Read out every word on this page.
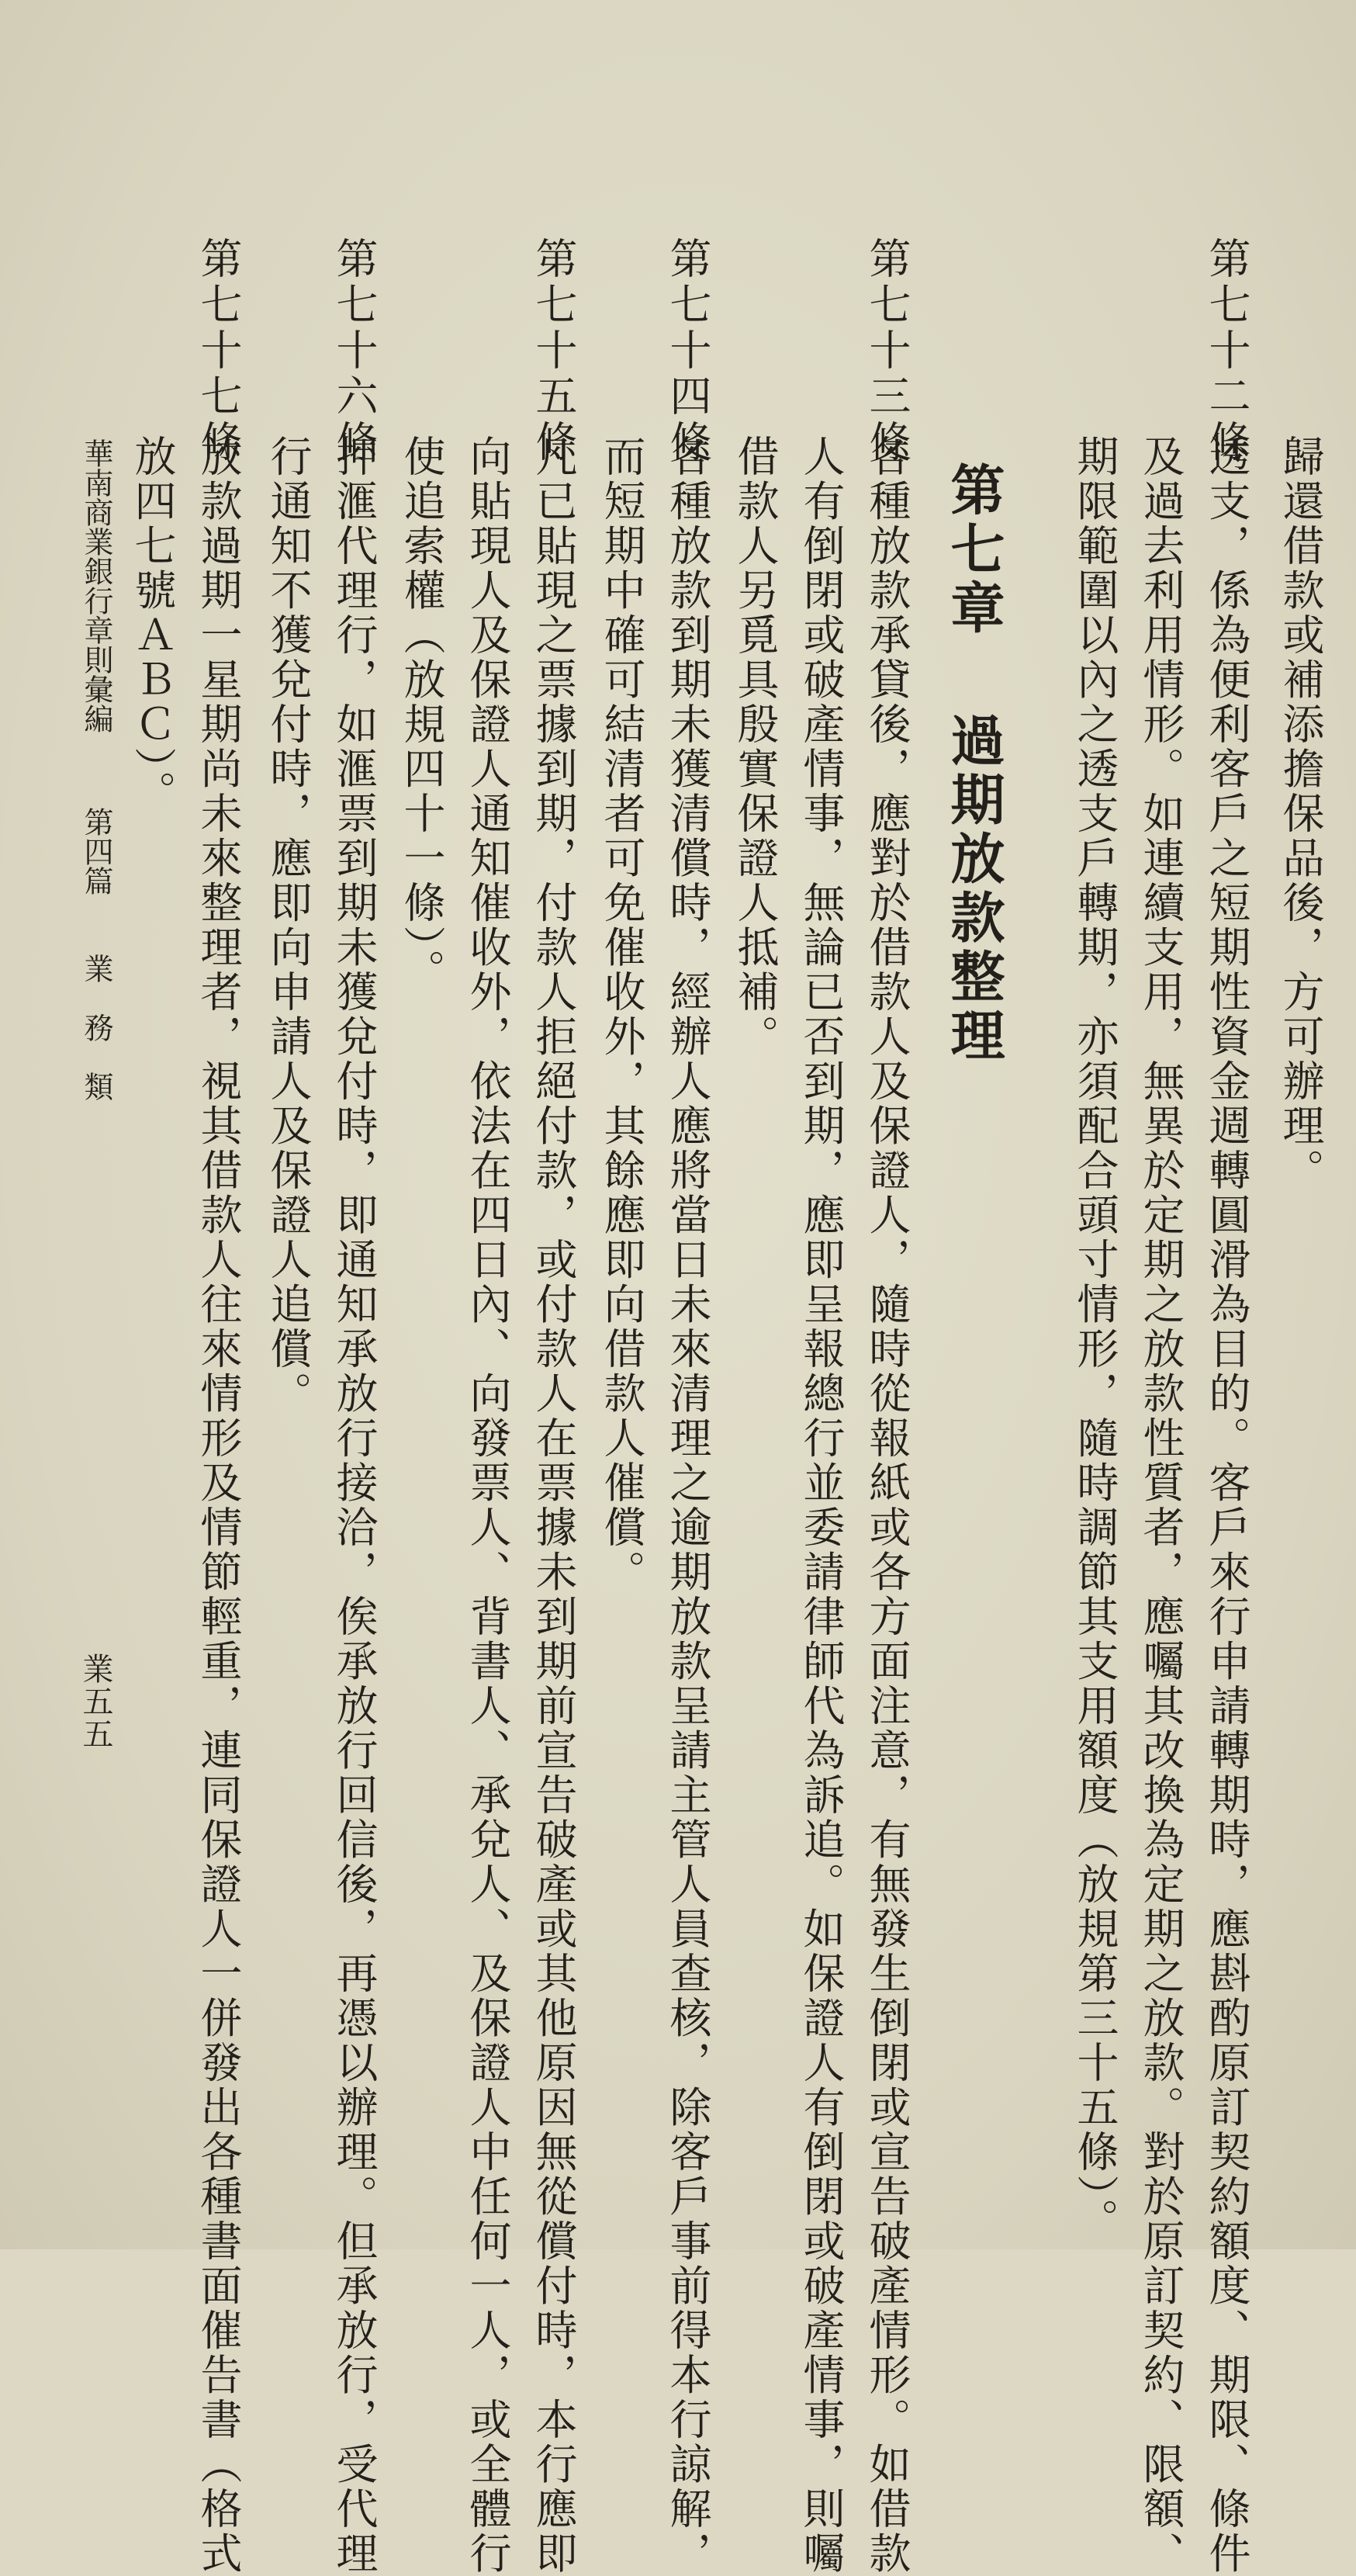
歸還借款或補添擔保品後，方可辦理。
第七十二條
透支，係為便利客戶之短期性資金週轉圓滑為目的。客戶來行申請轉期時，應斟酌原訂契約額度、期限、條件
及過去利用情形。如連續支用，無異於定期之放款性質者，應囑其改換為定期之放款。對於原訂契約、限額、
期限範圍以內之透支戶轉期，亦須配合頭寸情形，隨時調節其支用額度（放規第三十五條）。
第七章過期放款整理
第七十三條
各種放款承貸後，應對於借款人及保證人，隨時從報紙或各方面注意，有無發生倒閉或宣告破產情形。如借款
人有倒閉或破產情事，無論已否到期，應即呈報總行並委請律師代為訴追。如保證人有倒閉或破產情事，則囑
借款人另覓具殷實保證人抵補。
第七十四條
各種放款到期未獲清償時，經辦人應將當日未來清理之逾期放款呈請主管人員查核，除客戶事前得本行諒解，
而短期中確可結清者可免催收外，其餘應即向借款人催償。
第七十五條
凡已貼現之票據到期，付款人拒絕付款，或付款人在票據未到期前宣告破產或其他原因無從償付時，本行應即
向貼現人及保證人通知催收外，依法在四日內、向發票人、背書人、承兌人、及保證人中任何一人，或全體行
使追索權（放規四十一條）。
第七十六條
押滙代理行，如滙票到期未獲兌付時，即通知承放行接洽，俟承放行回信後，再憑以辦理。但承放行，受代理
行通知不獲兌付時，應即向申請人及保證人追償。
第七十七條
放款過期一星期尚未來整理者，視其借款人往來情形及情節輕重，連同保證人一併發出各種書面催告書（格式
放四七號ＡＢＣ）。
華南商業銀行章則彙編第四篇業　務　類
業五五
